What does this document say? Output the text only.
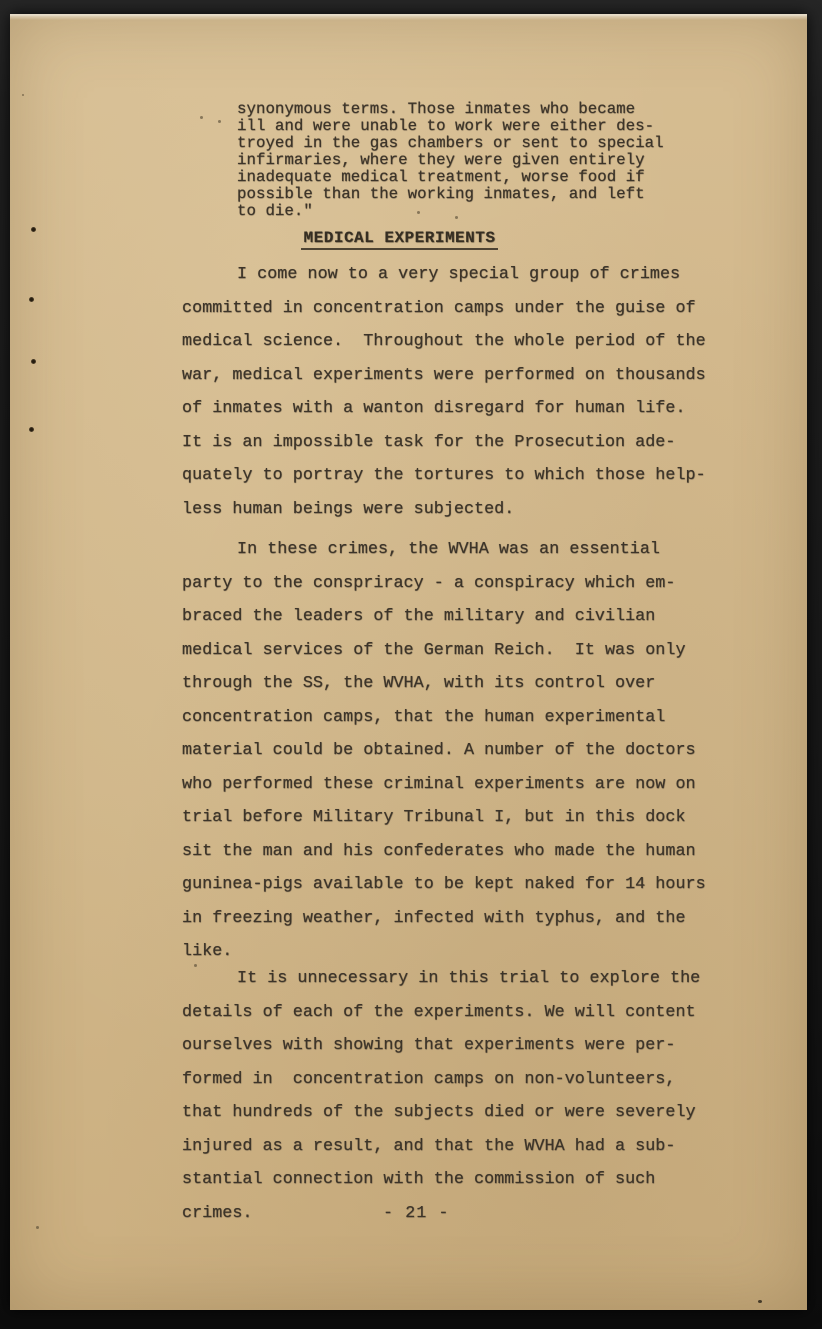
synonymous terms. Those inmates who became
ill and were unable to work were either des-
troyed in the gas chambers or sent to special
infirmaries, where they were given entirely
inadequate medical treatment, worse food if
possible than the working inmates, and left
to die."
MEDICAL EXPERIMENTS
I come now to a very special group of crimes
committed in concentration camps under the guise of
medical science.  Throughout the whole period of the
war, medical experiments were performed on thousands
of inmates with a wanton disregard for human life.
It is an impossible task for the Prosecution ade-
quately to portray the tortures to which those help-
less human beings were subjected.
In these crimes, the WVHA was an essential
party to the conspriracy - a conspiracy which em-
braced the leaders of the military and civilian
medical services of the German Reich.  It was only
through the SS, the WVHA, with its control over
concentration camps, that the human experimental
material could be obtained. A number of the doctors
who performed these criminal experiments are now on
trial before Military Tribunal I, but in this dock
sit the man and his confederates who made the human
guninea-pigs available to be kept naked for 14 hours
in freezing weather, infected with typhus, and the
like.
It is unnecessary in this trial to explore the
details of each of the experiments. We will content
ourselves with showing that experiments were per-
formed in  concentration camps on non-volunteers,
that hundreds of the subjects died or were severely
injured as a result, and that the WVHA had a sub-
stantial connection with the commission of such
crimes.	- 21 -
